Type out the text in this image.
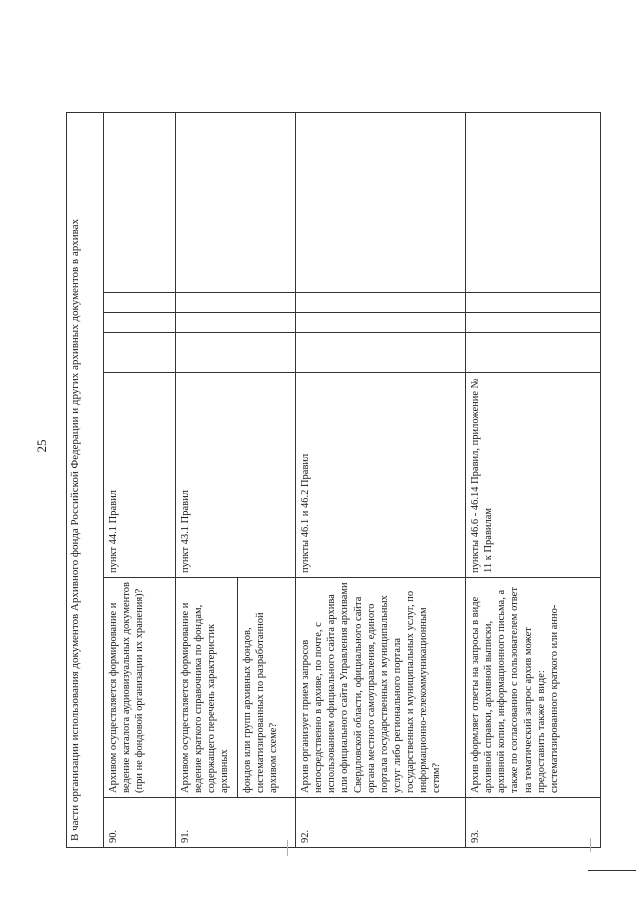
25 В части организации использования документов Архивного фонда Российской Федерации и других архивных документов в архивах						
90.	Архивом осуществляется формирование и ведение каталога аудиовизуальных документов (при не фондовой организации их хранения)?	пункт 44.1 Правил				
91.	Архивом осуществляется формирование и ведение краткого справочника по фондам, содержащего перечень характеристик архивных	пункт 43.1 Правил				
	фондов или групп архивных фондов, систематизированных по разработанной архивом схеме?					
92.	Архив организует прием запросов непосредственно в архиве, по почте, с использованием официального сайта архива или официального сайта Управления архивами Свердловской области, официального сайта органа местного самоуправления, единого портала государственных и муниципальных услуг либо регионального портала государственных и муниципальных услуг, по информационно-телекоммуникационным сетям?	пункты 46.1 и 46.2 Правил				
93.	Архив оформляет ответы на запросы в виде архивной справки, архивной выписки, архивной копии, информационного письма, а также по согласованию с пользователем ответ на тематический запрос архив может предоставить также в виде: систематизированного краткого или анно-	пункты 46.6 - 46.14 Правил, приложение № 11 к Правилам				
